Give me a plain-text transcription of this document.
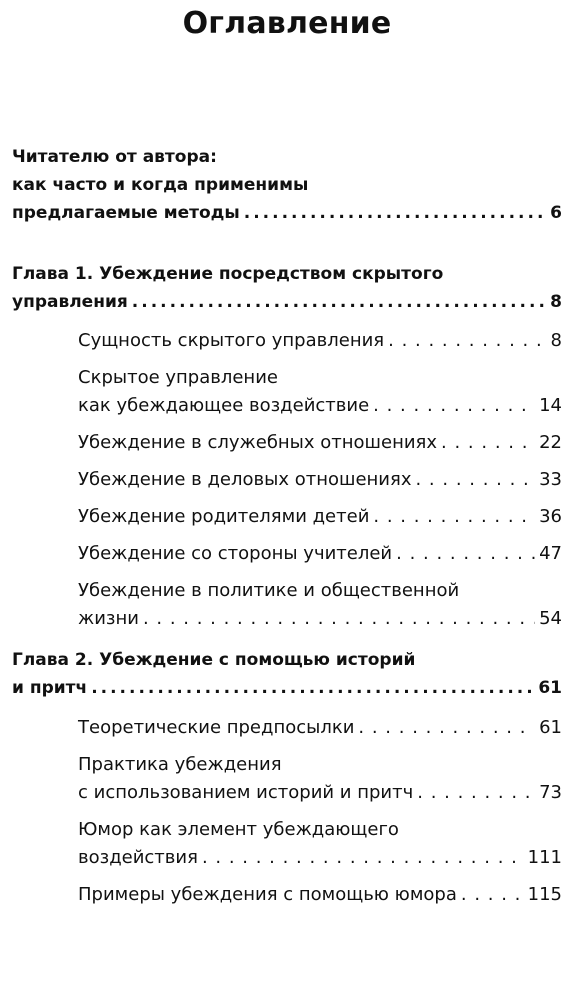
Оглавление
Читателю от автора:
как часто и когда применимы
предлагаемые методы .....	6
Глава 1. Убеждение посредством скрытого
управления .....	8
Сущность скрытого управления . . .	8
Скрытое управление
как убеждающее воздействие . . .	14
Убеждение в служебных отношениях . . .	22
Убеждение в деловых отношениях . . .	33
Убеждение родителями детей . . .	36
Убеждение со стороны учителей . . .	47
Убеждение в политике и общественной
жизни . . .	54
Глава 2. Убеждение с помощью историй
и притч .....	61
Теоретические предпосылки . . .	61
Практика убеждения
с использованием историй и притч . . .	73
Юмор как элемент убеждающего
воздействия . . .	111
Примеры убеждения с помощью юмора . . .	115
